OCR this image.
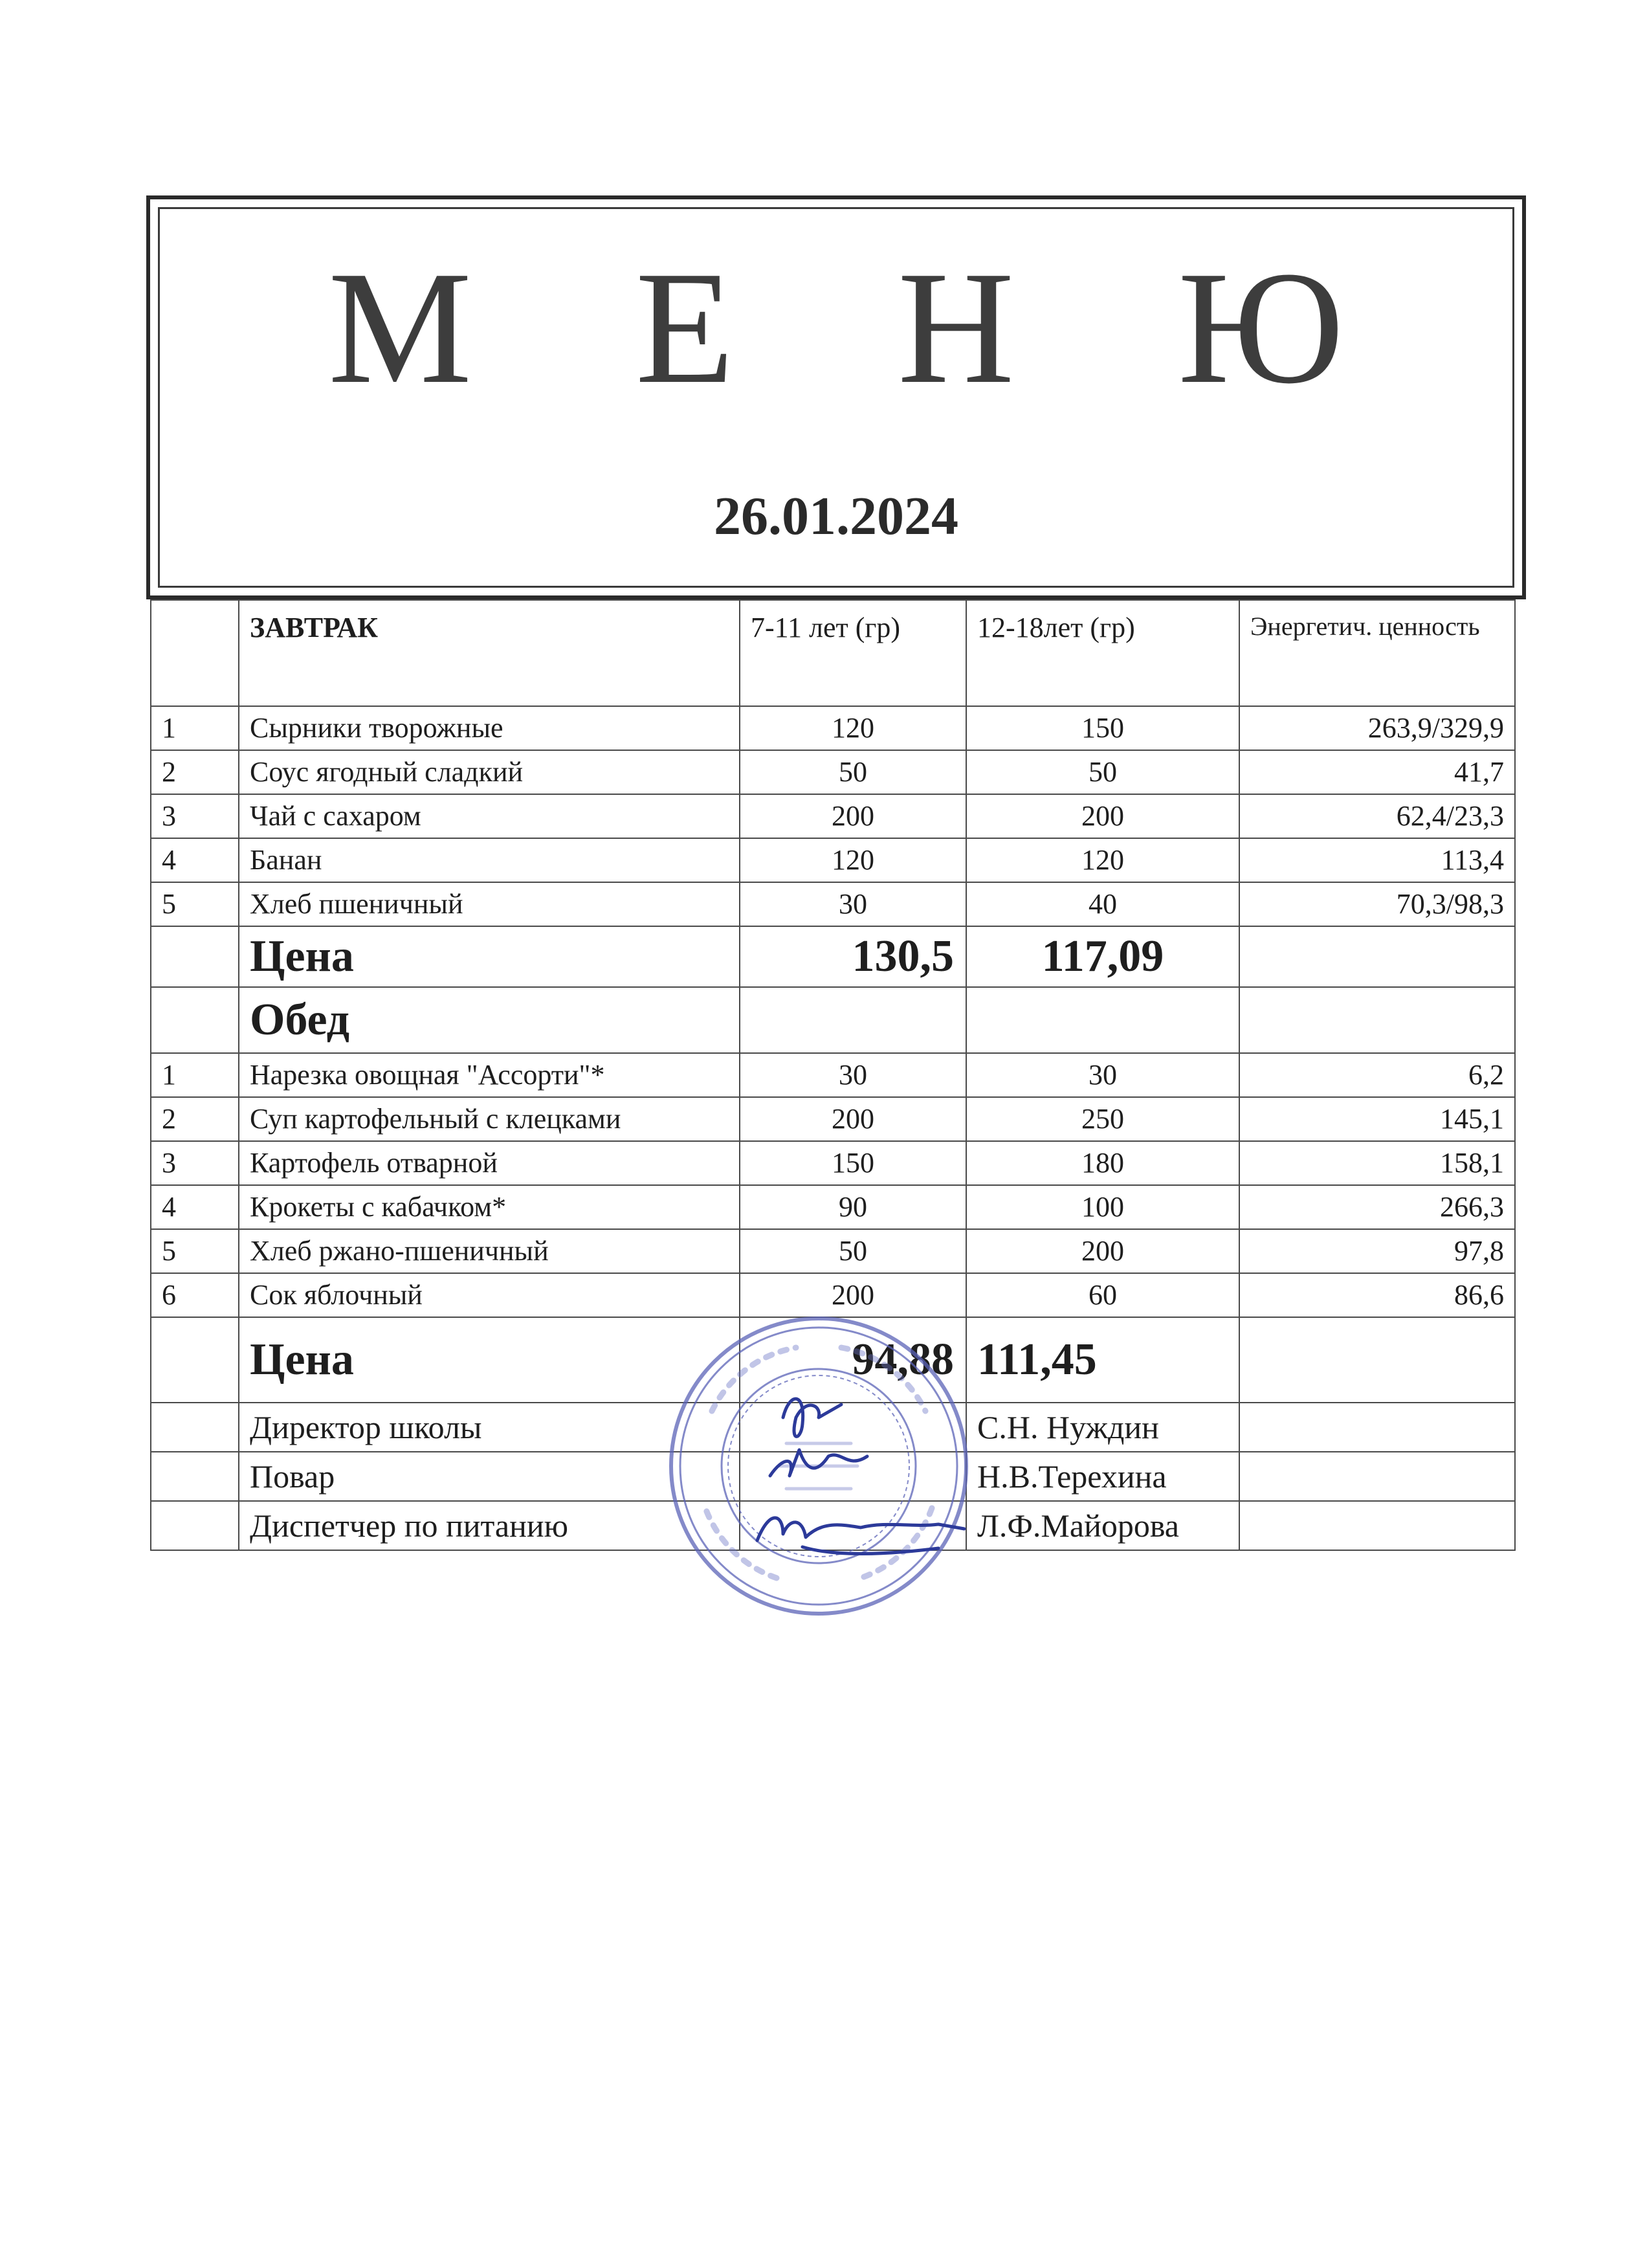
М Е Н Ю
26.01.2024
	ЗАВТРАК	7-11 лет (гр)	12-18лет (гр)	Энергетич. ценность
1	Сырники творожные	120	150	263,9/329,9
2	Соус ягодный сладкий	50	50	41,7
3	Чай с сахаром	200	200	62,4/23,3
4	Банан	120	120	113,4
5	Хлеб пшеничный	30	40	70,3/98,3
	Цена	130,5	117,09	
	Обед			
1	Нарезка овощная "Ассорти"*	30	30	6,2
2	Суп картофельный с клецками	200	250	145,1
3	Картофель отварной	150	180	158,1
4	Крокеты с кабачком*	90	100	266,3
5	Хлеб ржано-пшеничный	50	200	97,8
6	Сок яблочный	200	60	86,6
	Цена	94,88	111,45	
	Директор школы		С.Н. Нуждин	
	Повар		Н.В.Терехина	
	Диспетчер по питанию		Л.Ф.Майорова	
